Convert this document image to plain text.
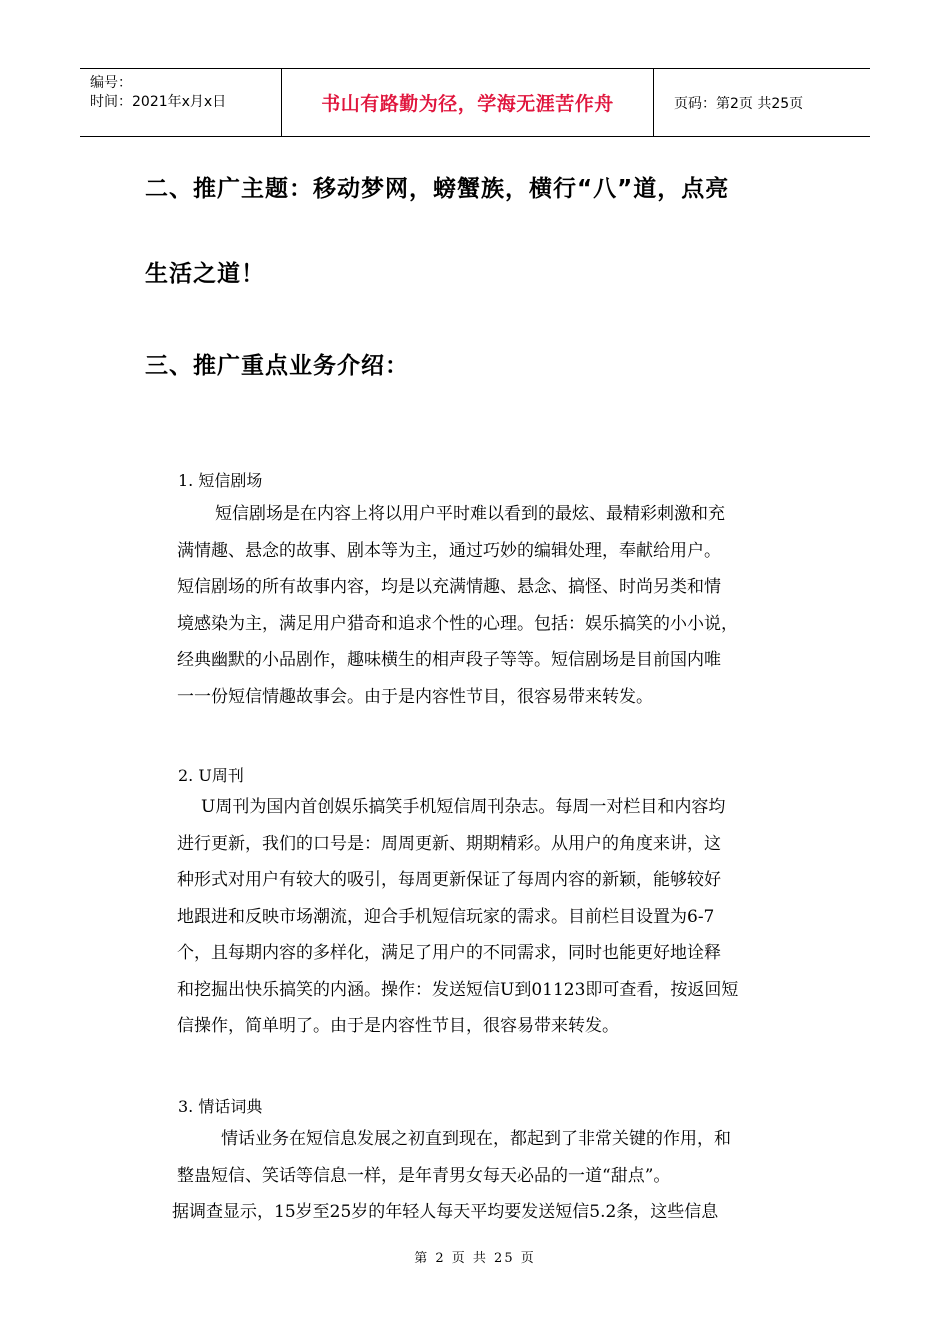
编号：
时间：2021年x月x日	书山有路勤为径，学海无涯苦作舟	页码：第2页 共25页
二、推广主题：移动梦网，螃蟹族，横行“八”道，点亮
生活之道！
三、推广重点业务介绍：
1. 短信剧场
短信剧场是在内容上将以用户平时难以看到的最炫、最精彩刺激和充
满情趣、悬念的故事、剧本等为主，通过巧妙的编辑处理，奉献给用户。
短信剧场的所有故事内容，均是以充满情趣、悬念、搞怪、时尚另类和情
境感染为主，满足用户猎奇和追求个性的心理。包括：娱乐搞笑的小小说，
经典幽默的小品剧作，趣味横生的相声段子等等。短信剧场是目前国内唯
一一份短信情趣故事会。由于是内容性节目，很容易带来转发。
2. U周刊
U周刊为国内首创娱乐搞笑手机短信周刊杂志。每周一对栏目和内容均
进行更新，我们的口号是：周周更新、期期精彩。从用户的角度来讲，这
种形式对用户有较大的吸引，每周更新保证了每周内容的新颖，能够较好
地跟进和反映市场潮流，迎合手机短信玩家的需求。目前栏目设置为6-7
个，且每期内容的多样化，满足了用户的不同需求，同时也能更好地诠释
和挖掘出快乐搞笑的内涵。操作：发送短信U到01123即可查看，按返回短
信操作，简单明了。由于是内容性节目，很容易带来转发。
3. 情话词典
情话业务在短信息发展之初直到现在，都起到了非常关键的作用，和
整蛊短信、笑话等信息一样，是年青男女每天必品的一道“甜点”。
据调查显示，15岁至25岁的年轻人每天平均要发送短信5.2条，这些信息
第 2 页 共 25 页
